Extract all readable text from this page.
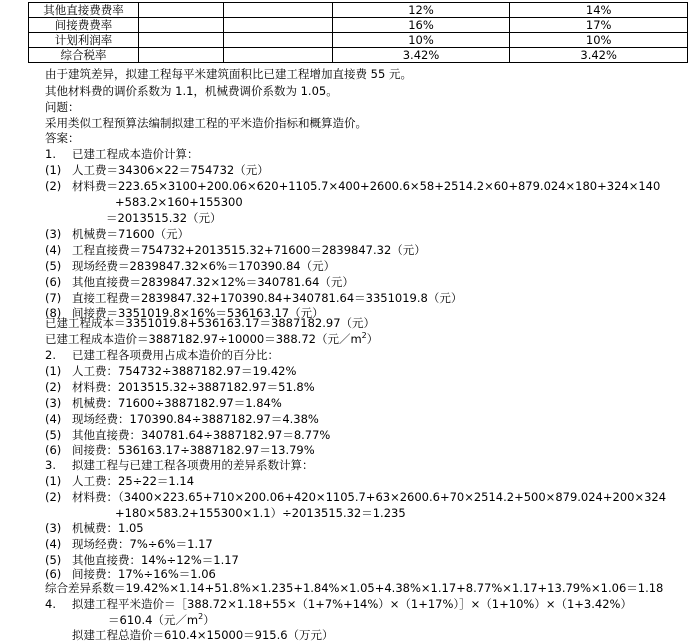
其他直接费费率			12%	14%
间接费费率			16%	17%
计划利润率			10%	10%
综合税率			3.42%	3.42%
由于建筑差异，拟建工程每平米建筑面积比已建工程增加直接费 55 元。
其他材料费的调价系数为 1.1，机械费调价系数为 1.05。
问题：
采用类似工程预算法编制拟建工程的平米造价指标和概算造价。
答案：
1. 已建工程成本造价计算：
(1) 人工费＝34306×22＝754732（元）
(2) 材料费＝223.65×3100+200.06×620+1105.7×400+2600.6×58+2514.2×60+879.024×180+324×140
+583.2×160+155300
＝2013515.32（元）
(3) 机械费＝71600（元）
(4) 工程直接费＝754732+2013515.32+71600＝2839847.32（元）
(5) 现场经费＝2839847.32×6%＝170390.84（元）
(6) 其他直接费＝2839847.32×12%＝340781.64（元）
(7) 直接工程费＝2839847.32+170390.84+340781.64＝3351019.8（元）
(8) 间接费＝3351019.8×16%＝536163.17（元）
已建工程成本＝3351019.8+536163.17＝3887182.97（元）
已建工程成本造价＝3887182.97÷10000＝388.72（元$/m^2$）
2. 已建工程各项费用占成本造价的百分比：
(1) 人工费：754732÷3887182.97＝19.42%
(2) 材料费：2013515.32÷3887182.97＝51.8%
(3) 机械费：71600÷3887182.97＝1.84%
(4) 现场经费：170390.84÷3887182.97＝4.38%
(5) 其他直接费：340781.64÷3887182.97＝8.77%
(6) 间接费：536163.17÷3887182.97＝13.79%
3. 拟建工程与已建工程各项费用的差异系数计算：
(1) 人工费：25÷22＝1.14
(2) 材料费：（3400×223.65+710×200.06+420×1105.7+63×2600.6+70×2514.2+500×879.024+200×324
+180×583.2+155300×1.1）÷2013515.32＝1.235
(3) 机械费：1.05
(4) 现场经费：7%÷6%＝1.17
(5) 其他直接费：14%÷12%＝1.17
(6) 间接费：17%÷16%＝1.06
综合差异系数＝19.42%×1.14+51.8%×1.235+1.84%×1.05+4.38%×1.17+8.77%×1.17+13.79%×1.06＝1.18
4. 拟建工程平米造价＝［388.72×1.18+55×（1+7%+14%）×（1+17%）］×（1+10%）×（1+3.42%）
＝610.4（元$/m^2$）
拟建工程总造价＝610.4×15000＝915.6（万元）
